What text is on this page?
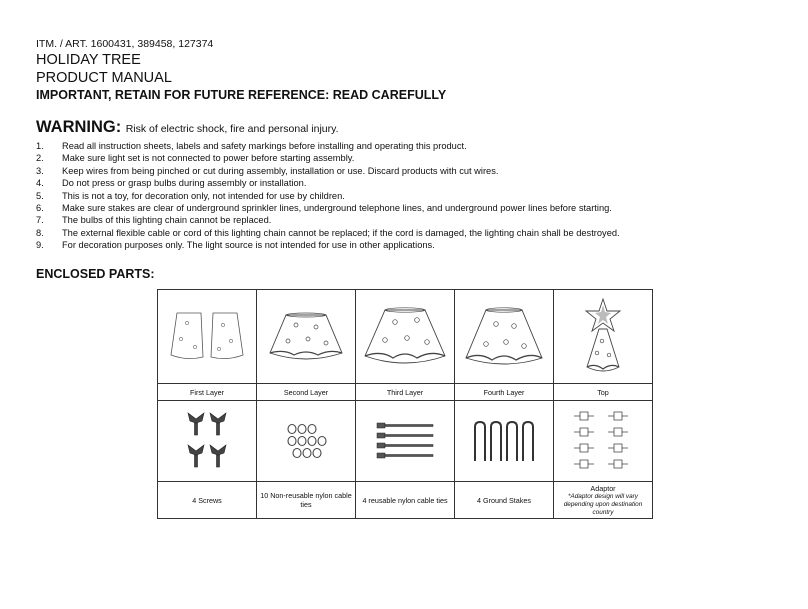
ITM. / ART. 1600431, 389458, 127374

HOLIDAY TREE

PRODUCT MANUAL

IMPORTANT, RETAIN FOR FUTURE REFERENCE: READ CAREFULLY

WARNING: Risk of electric shock, fire and personal injury.
1.	Read all instruction sheets, labels and safety markings before installing and operating this product.
2.	Make sure light set is not connected to power before starting assembly.
3.	Keep wires from being pinched or cut during assembly, installation or use. Discard products with cut wires.
4.	Do not press or grasp bulbs during assembly or installation.
5.	This is not a toy, for decoration only, not intended for use by children.
6.	Make sure stakes are clear of underground sprinkler lines, underground telephone lines, and underground power lines before starting.
7.	The bulbs of this lighting chain cannot be replaced.
8.	The external flexible cable or cord of this lighting chain cannot be replaced; if the cord is damaged, the lighting chain shall be destroyed.
9.	For decoration purposes only. The light source is not intended for use in other applications.
ENCLOSED PARTS:

First Layer	Second Layer	Third Layer	Fourth Layer	Top

4 Screws	10 Non-reusable nylon cable ties	4 reusable nylon cable ties	4 Ground Stakes	Adaptor
*Adaptor design will vary depending upon destination country
